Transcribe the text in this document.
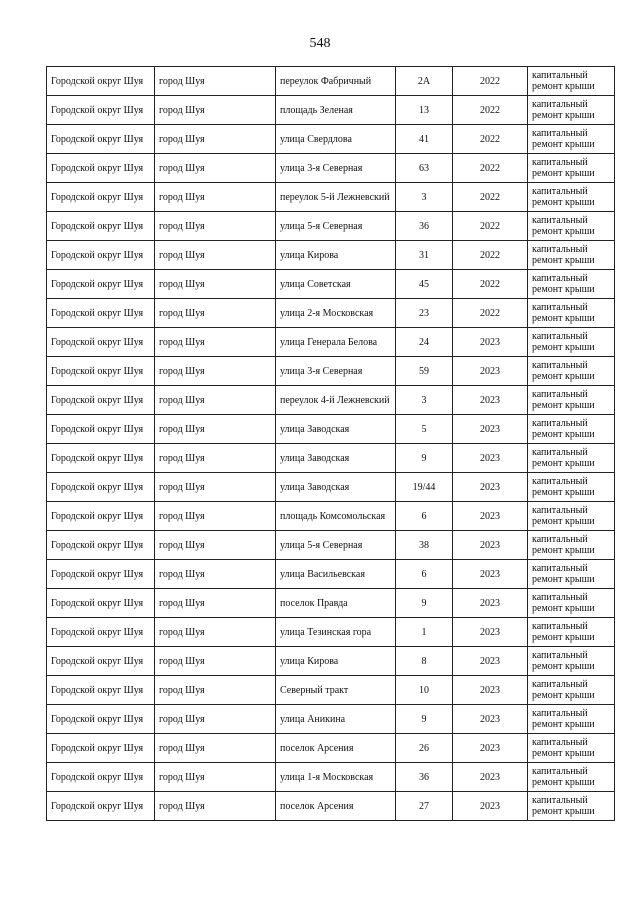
548
Городской округ Шуя	город Шуя	переулок Фабричный	2А	2022	капитальный ремонт крыши
Городской округ Шуя	город Шуя	площадь Зеленая	13	2022	капитальный ремонт крыши
Городской округ Шуя	город Шуя	улица Свердлова	41	2022	капитальный ремонт крыши
Городской округ Шуя	город Шуя	улица 3-я Северная	63	2022	капитальный ремонт крыши
Городской округ Шуя	город Шуя	переулок 5-й Лежневский	3	2022	капитальный ремонт крыши
Городской округ Шуя	город Шуя	улица 5-я Северная	36	2022	капитальный ремонт крыши
Городской округ Шуя	город Шуя	улица Кирова	31	2022	капитальный ремонт крыши
Городской округ Шуя	город Шуя	улица Советская	45	2022	капитальный ремонт крыши
Городской округ Шуя	город Шуя	улица 2-я Московская	23	2022	капитальный ремонт крыши
Городской округ Шуя	город Шуя	улица Генерала Белова	24	2023	капитальный ремонт крыши
Городской округ Шуя	город Шуя	улица 3-я Северная	59	2023	капитальный ремонт крыши
Городской округ Шуя	город Шуя	переулок 4-й Лежневский	3	2023	капитальный ремонт крыши
Городской округ Шуя	город Шуя	улица Заводская	5	2023	капитальный ремонт крыши
Городской округ Шуя	город Шуя	улица Заводская	9	2023	капитальный ремонт крыши
Городской округ Шуя	город Шуя	улица Заводская	19/44	2023	капитальный ремонт крыши
Городской округ Шуя	город Шуя	площадь Комсомольская	6	2023	капитальный ремонт крыши
Городской округ Шуя	город Шуя	улица 5-я Северная	38	2023	капитальный ремонт крыши
Городской округ Шуя	город Шуя	улица Васильевская	6	2023	капитальный ремонт крыши
Городской округ Шуя	город Шуя	поселок Правда	9	2023	капитальный ремонт крыши
Городской округ Шуя	город Шуя	улица Тезинская гора	1	2023	капитальный ремонт крыши
Городской округ Шуя	город Шуя	улица Кирова	8	2023	капитальный ремонт крыши
Городской округ Шуя	город Шуя	Северный тракт	10	2023	капитальный ремонт крыши
Городской округ Шуя	город Шуя	улица Аникина	9	2023	капитальный ремонт крыши
Городской округ Шуя	город Шуя	поселок Арсения	26	2023	капитальный ремонт крыши
Городской округ Шуя	город Шуя	улица 1-я Московская	36	2023	капитальный ремонт крыши
Городской округ Шуя	город Шуя	поселок Арсения	27	2023	капитальный ремонт крыши
